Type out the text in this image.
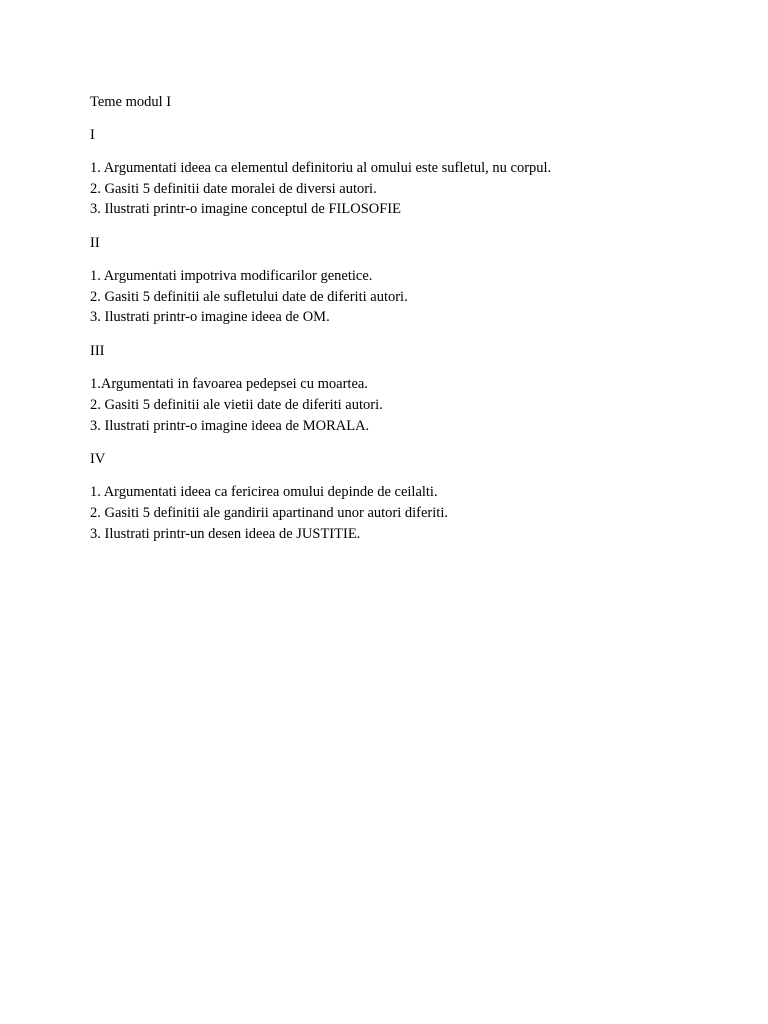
Teme modul I

I

1. Argumentati ideea ca elementul definitoriu al omului este sufletul, nu corpul.
2. Gasiti 5 definitii date moralei de diversi autori.
3. Ilustrati printr-o imagine conceptul de FILOSOFIE

II

1. Argumentati impotriva modificarilor genetice.
2. Gasiti 5 definitii ale sufletului date de diferiti autori.
3. Ilustrati printr-o imagine ideea de OM.

III

1.Argumentati in favoarea pedepsei cu moartea.
2. Gasiti 5 definitii ale vietii date de diferiti autori.
3. Ilustrati printr-o imagine ideea de MORALA.

IV

1. Argumentati ideea ca fericirea omului depinde de ceilalti.
2. Gasiti 5 definitii ale gandirii apartinand unor autori diferiti.
3. Ilustrati printr-un desen ideea de JUSTITIE.
